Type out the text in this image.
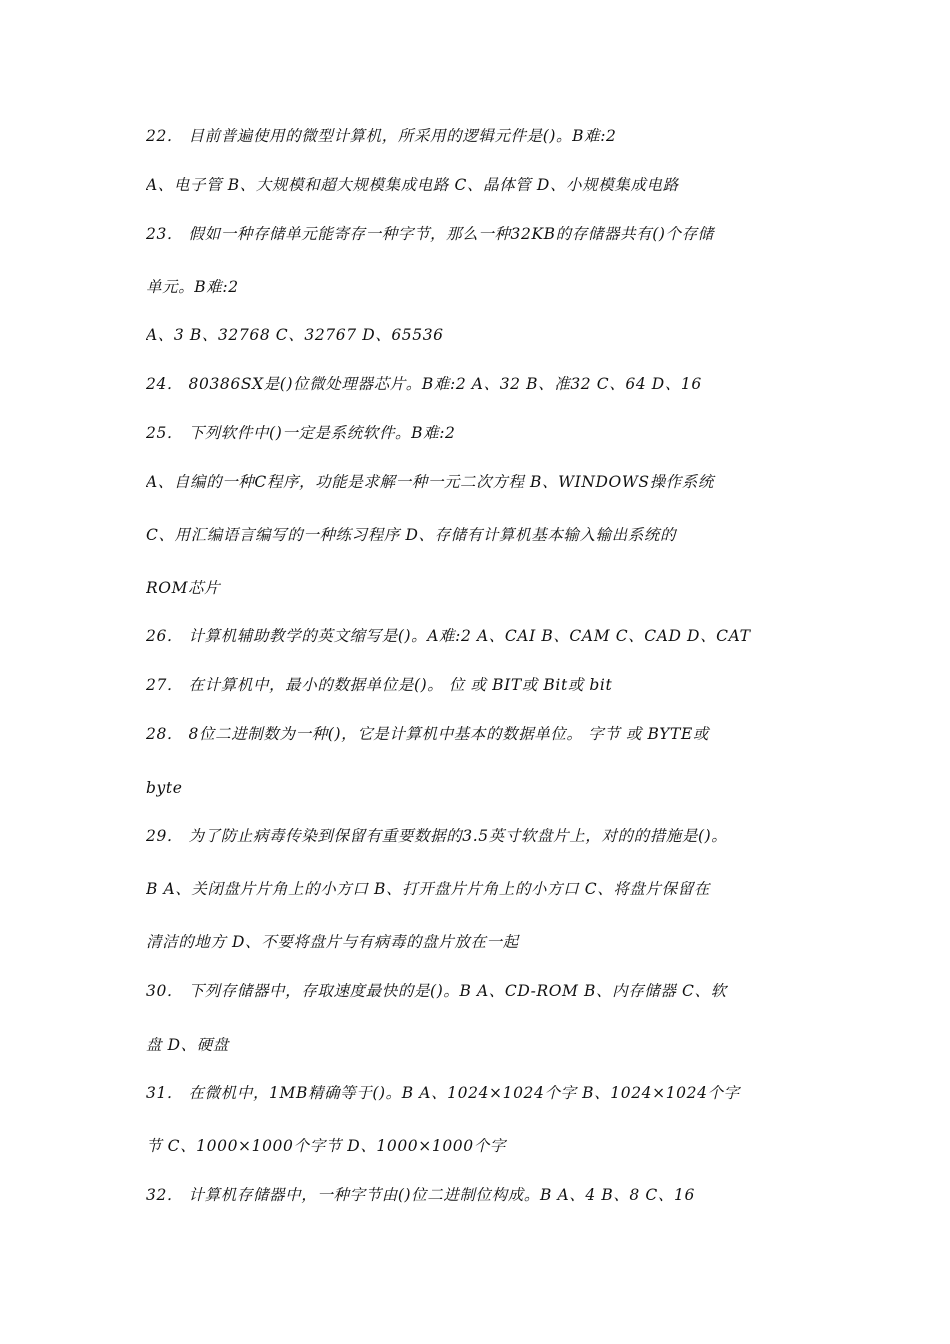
22． 目前普遍使用的微型计算机，所采用的逻辑元件是()。B难:2
A、电子管 B、大规模和超大规模集成电路 C、晶体管 D、小规模集成电路
23． 假如一种存储单元能寄存一种字节，那么一种32KB的存储器共有()个存储
单元。B难:2
A、3 B、32768 C、32767 D、65536
24． 80386SX是()位微处理器芯片。B难:2 A、32 B、准32 C、64 D、16
25． 下列软件中()一定是系统软件。B难:2
A、自编的一种C程序，功能是求解一种一元二次方程 B、WINDOWS操作系统
C、用汇编语言编写的一种练习程序 D、存储有计算机基本输入输出系统的
ROM芯片
26． 计算机辅助教学的英文缩写是()。A难:2 A、CAI B、CAM C、CAD D、CAT
27． 在计算机中，最小的数据单位是()。 位 或 BIT或 Bit或 bit
28． 8位二进制数为一种()，它是计算机中基本的数据单位。 字节 或 BYTE或
byte
29． 为了防止病毒传染到保留有重要数据的3.5英寸软盘片上，对的的措施是()。
B A、关闭盘片片角上的小方口 B、打开盘片片角上的小方口 C、将盘片保留在
清洁的地方 D、不要将盘片与有病毒的盘片放在一起
30． 下列存储器中，存取速度最快的是()。B A、CD-ROM B、内存储器 C、软
盘 D、硬盘
31． 在微机中，1MB精确等于()。B A、1024×1024个字 B、1024×1024个字
节 C、1000×1000个字节 D、1000×1000个字
32． 计算机存储器中，一种字节由()位二进制位构成。B A、4 B、8 C、16
